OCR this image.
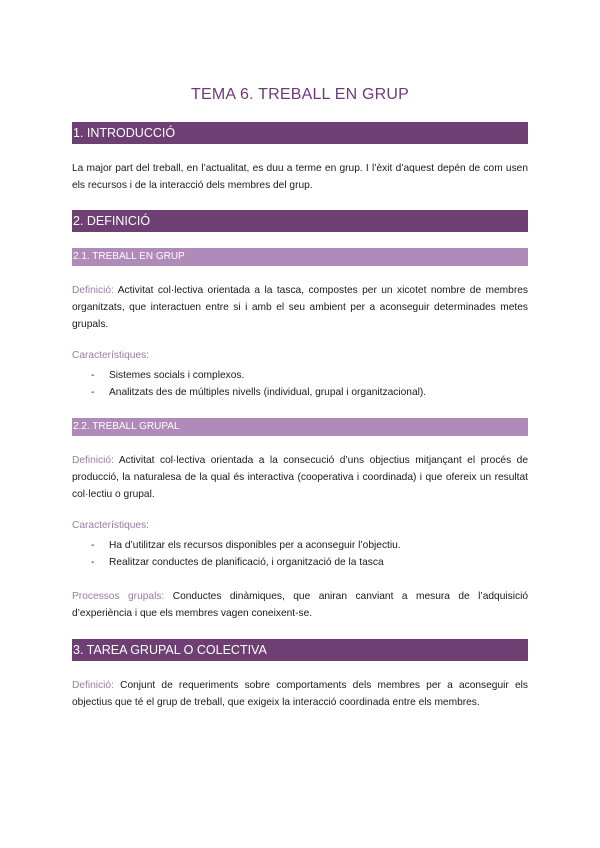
TEMA 6. TREBALL EN GRUP
1. INTRODUCCIÓ

La major part del treball, en l’actualitat, es duu a terme en grup. I l’èxit d’aquest depén de com usen els recursos i de la interacció dels membres del grup.

2. DEFINICIÓ
2.1. TREBALL EN GRUP

Definició: Activitat col·lectiva orientada a la tasca, compostes per un xicotet nombre de membres organitzats, que interactuen entre si i amb el seu ambient per a aconseguir determinades metes grupals.

Característiques:
- Sistemes socials i complexos.
- Analitzats des de múltiples nivells (individual, grupal i organitzacional).
2.2. TREBALL GRUPAL

Definició: Activitat col·lectiva orientada a la consecució d’uns objectius mitjançant el procés de producció, la naturalesa de la qual és interactiva (cooperativa i coordinada) i que ofereix un resultat col·lectiu o grupal.

Característiques:
- Ha d’utilitzar els recursos disponibles per a aconseguir l’objectiu.
- Realitzar conductes de planificació, i organització de la tasca

Processos grupals: Conductes dinàmiques, que aniran canviant a mesura de l’adquisició d’experiència i que els membres vagen coneixent-se.

3. TAREA GRUPAL O COLECTIVA

Definició: Conjunt de requeriments sobre comportaments dels membres per a aconseguir els objectius que té el grup de treball, que exigeix la interacció coordinada entre els membres.
